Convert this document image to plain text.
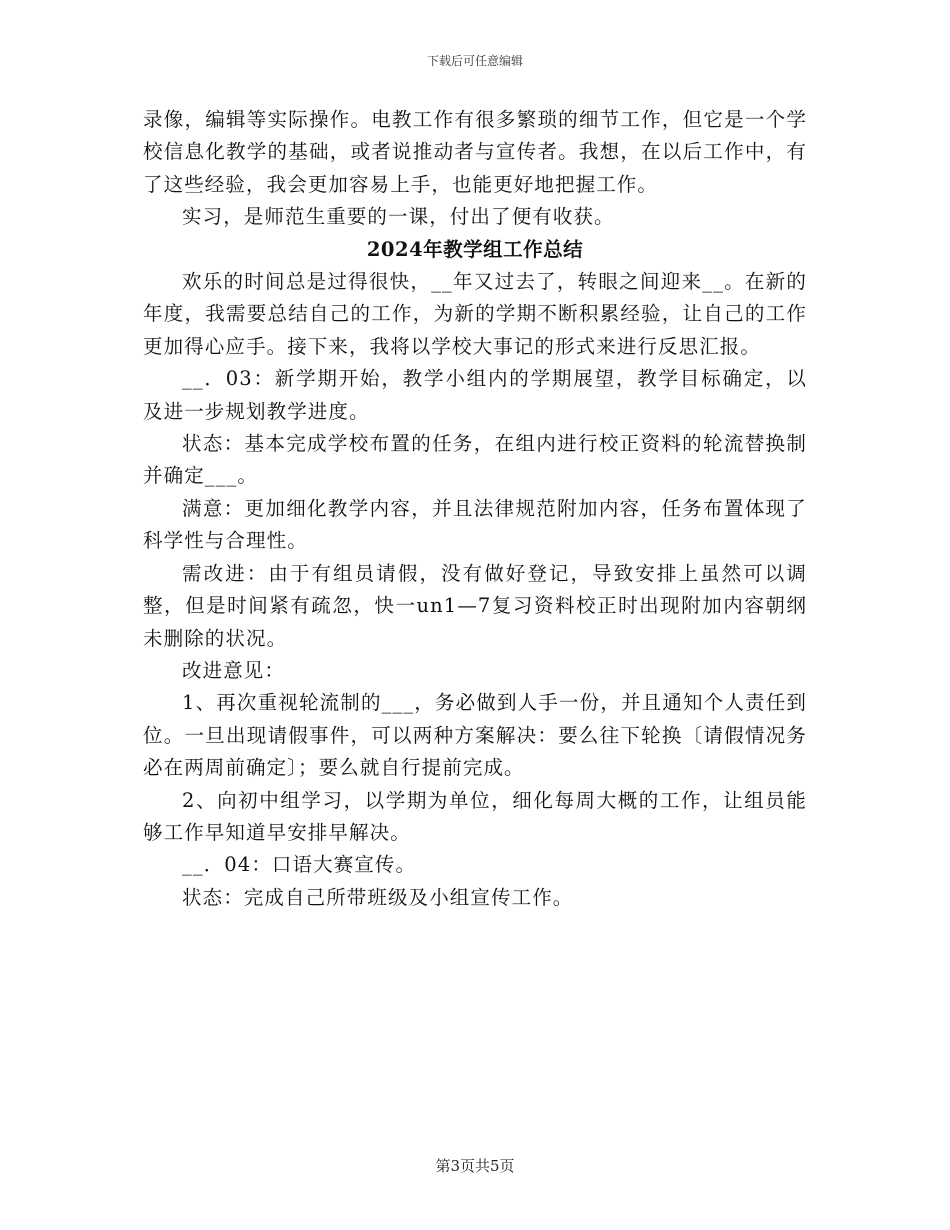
下载后可任意编辑

录像，编辑等实际操作。电教工作有很多繁琐的细节工作，但它是一个学校信息化教学的基础，或者说推动者与宣传者。我想，在以后工作中，有了这些经验，我会更加容易上手，也能更好地把握工作。

实习，是师范生重要的一课，付出了便有收获。

2024年教学组工作总结

欢乐的时间总是过得很快，__年又过去了，转眼之间迎来__。在新的年度，我需要总结自己的工作，为新的学期不断积累经验，让自己的工作更加得心应手。接下来，我将以学校大事记的形式来进行反思汇报。

__．03：新学期开始，教学小组内的学期展望，教学目标确定，以及进一步规划教学进度。

状态：基本完成学校布置的任务，在组内进行校正资料的轮流替换制并确定___。

满意：更加细化教学内容，并且法律规范附加内容，任务布置体现了科学性与合理性。

需改进：由于有组员请假，没有做好登记，导致安排上虽然可以调整，但是时间紧有疏忽，快一un1—7复习资料校正时出现附加内容朝纲未删除的状况。

改进意见：

1、再次重视轮流制的___，务必做到人手一份，并且通知个人责任到位。一旦出现请假事件，可以两种方案解决：要么往下轮换〔请假情况务必在两周前确定〕；要么就自行提前完成。

2、向初中组学习，以学期为单位，细化每周大概的工作，让组员能够工作早知道早安排早解决。

__．04：口语大赛宣传。

状态：完成自己所带班级及小组宣传工作。

第3页共5页
